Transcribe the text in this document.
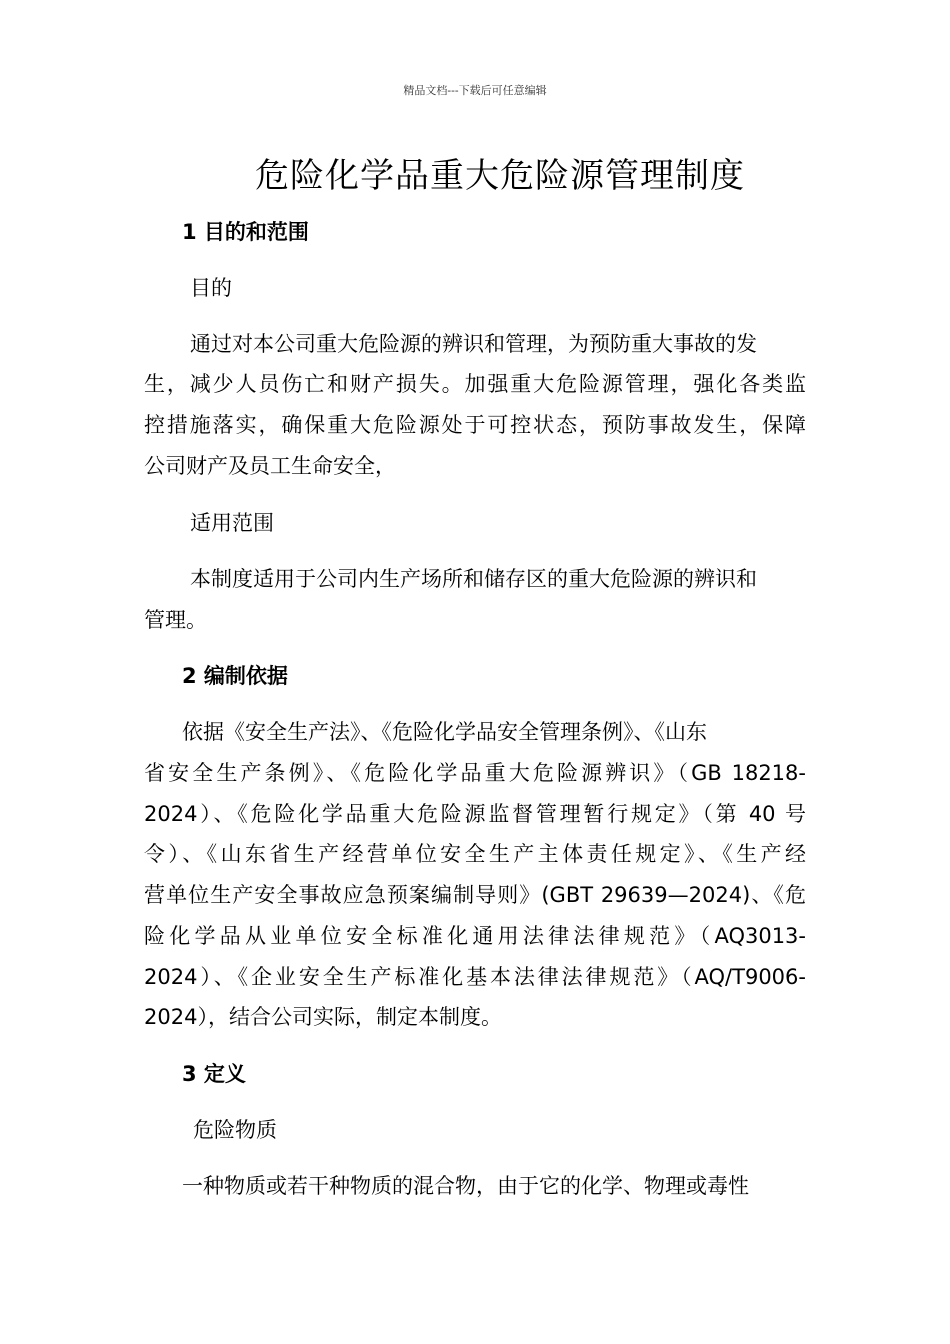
精品文档---下载后可任意编辑
危险化学品重大危险源管理制度
1 目的和范围
目的
通过对本公司重大危险源的辨识和管理，为预防重大事故的发
生，减少人员伤亡和财产损失。加强重大危险源管理，强化各类监
控措施落实，确保重大危险源处于可控状态，预防事故发生，保障
公司财产及员工生命安全，
适用范围
本制度适用于公司内生产场所和储存区的重大危险源的辨识和
管理。
2 编制依据
依据《安全生产法》、《危险化学品安全管理条例》、《山东
省安全生产条例》、《危险化学品重大危险源辨识》（GB 18218-
2024）、《危险化学品重大危险源监督管理暂行规定》（第 40 号
令）、《山东省生产经营单位安全生产主体责任规定》、《生产经
营单位生产安全事故应急预案编制导则》(GBT 29639—2024)、《危
险化学品从业单位安全标准化通用法律法律规范》（AQ3013-
2024）、《企业安全生产标准化基本法律法律规范》（AQ/T9006-
2024），结合公司实际，制定本制度。
3 定义
危险物质
一种物质或若干种物质的混合物，由于它的化学、物理或毒性
